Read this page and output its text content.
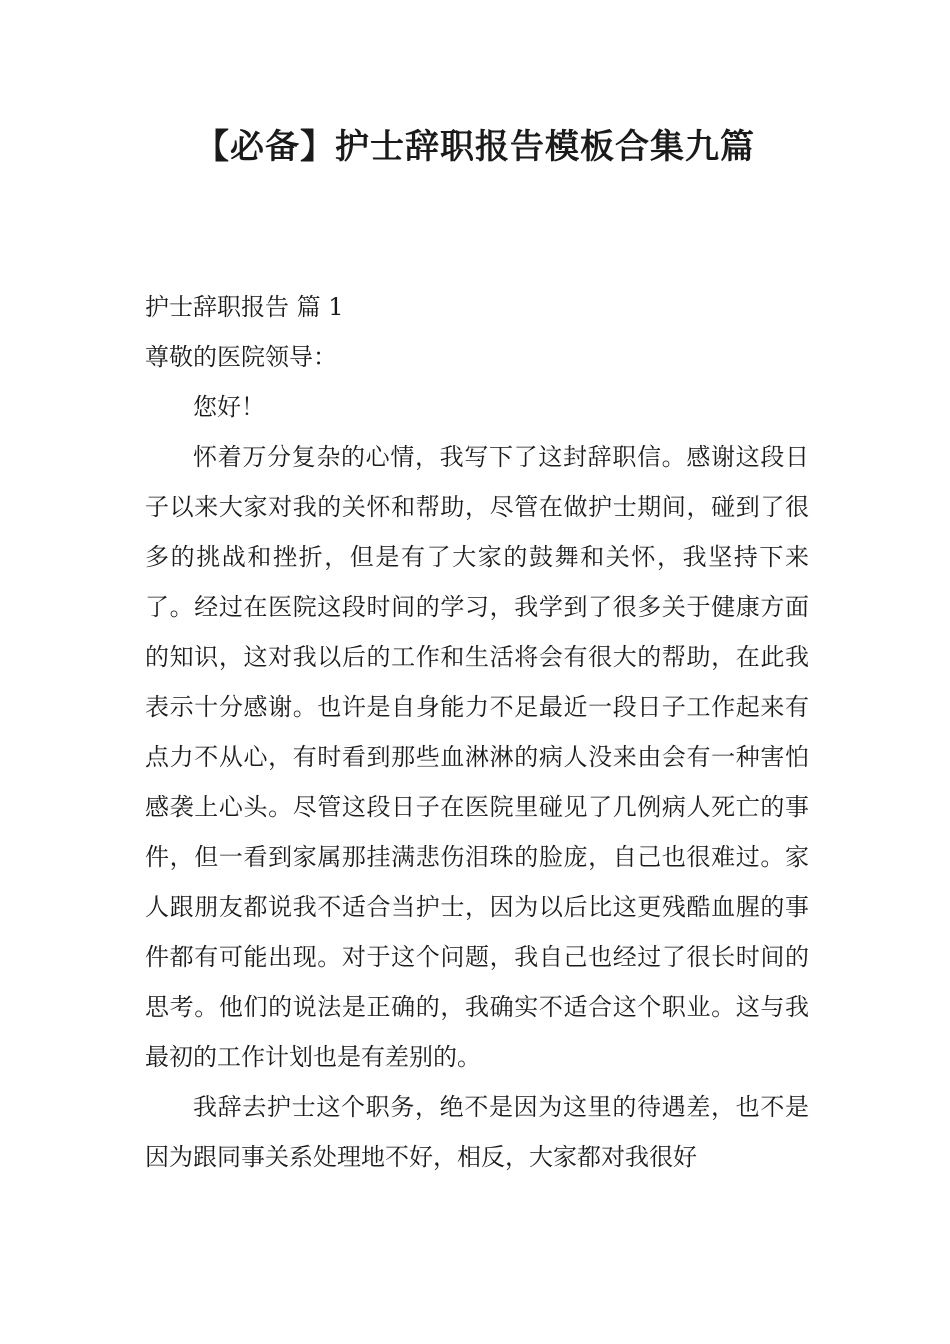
【必备】护士辞职报告模板合集九篇

护士辞职报告 篇 1

尊敬的医院领导：

您好！

怀着万分复杂的心情，我写下了这封辞职信。感谢这段日子以来大家对我的关怀和帮助，尽管在做护士期间，碰到了很多的挑战和挫折，但是有了大家的鼓舞和关怀，我坚持下来了。经过在医院这段时间的学习，我学到了很多关于健康方面的知识，这对我以后的工作和生活将会有很大的帮助，在此我表示十分感谢。也许是自身能力不足最近一段日子工作起来有点力不从心，有时看到那些血淋淋的病人没来由会有一种害怕感袭上心头。尽管这段日子在医院里碰见了几例病人死亡的事件，但一看到家属那挂满悲伤泪珠的脸庞，自己也很难过。家人跟朋友都说我不适合当护士，因为以后比这更残酷血腥的事件都有可能出现。对于这个问题，我自己也经过了很长时间的思考。他们的说法是正确的，我确实不适合这个职业。这与我最初的工作计划也是有差别的。

我辞去护士这个职务，绝不是因为这里的待遇差，也不是因为跟同事关系处理地不好，相反，大家都对我很好
